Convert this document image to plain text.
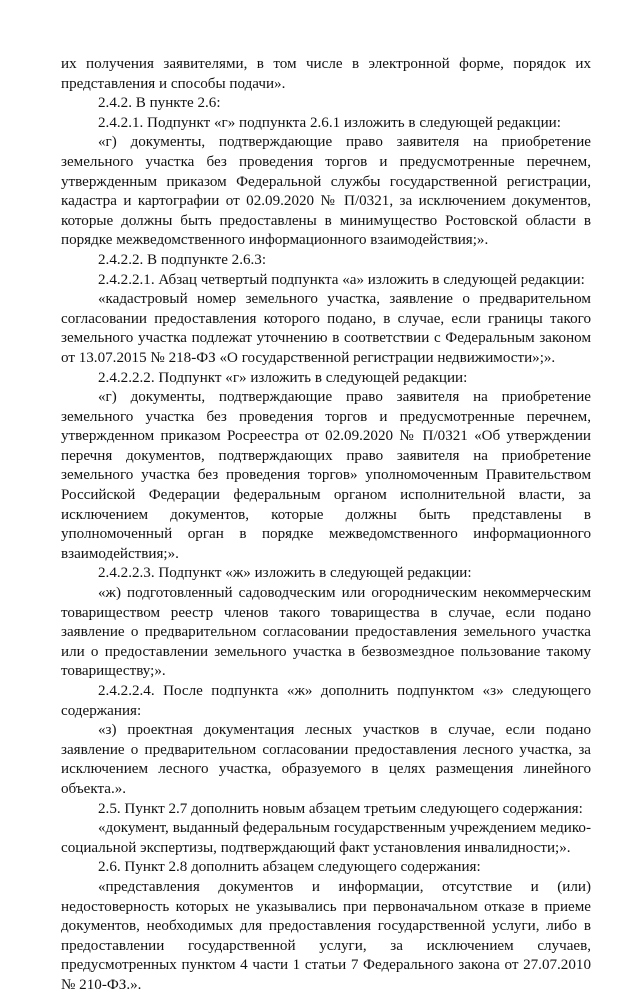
их получения заявителями, в том числе в электронной форме, порядок их представления и способы подачи».

2.4.2. В пункте 2.6:

2.4.2.1. Подпункт «г» подпункта 2.6.1 изложить в следующей редакции:

«г) документы, подтверждающие право заявителя на приобретение земельного участка без проведения торгов и предусмотренные перечнем, утвержденным приказом Федеральной службы государственной регистрации, кадастра и картографии от 02.09.2020 № П/0321, за исключением документов, которые должны быть предоставлены в минимущество Ростовской области в порядке межведомственного информационного взаимодействия;».

2.4.2.2. В подпункте 2.6.3:

2.4.2.2.1. Абзац четвертый подпункта «а» изложить в следующей редакции:

«кадастровый номер земельного участка, заявление о предварительном согласовании предоставления которого подано, в случае, если границы такого земельного участка подлежат уточнению в соответствии с Федеральным законом от 13.07.2015 № 218-ФЗ «О государственной регистрации недвижимости»;».

2.4.2.2.2. Подпункт «г» изложить в следующей редакции:

«г) документы, подтверждающие право заявителя на приобретение земельного участка без проведения торгов и предусмотренные перечнем, утвержденном приказом Росреестра от 02.09.2020 № П/0321 «Об утверждении перечня документов, подтверждающих право заявителя на приобретение земельного участка без проведения торгов» уполномоченным Правительством Российской Федерации федеральным органом исполнительной власти, за исключением документов, которые должны быть представлены в уполномоченный орган в порядке межведомственного информационного взаимодействия;».

2.4.2.2.3. Подпункт «ж» изложить в следующей редакции:

«ж) подготовленный садоводческим или огородническим некоммерческим товариществом реестр членов такого товарищества в случае, если подано заявление о предварительном согласовании предоставления земельного участка или о предоставлении земельного участка в безвозмездное пользование такому товариществу;».

2.4.2.2.4. После подпункта «ж» дополнить подпунктом «з» следующего содержания:

«з) проектная документация лесных участков в случае, если подано заявление о предварительном согласовании предоставления лесного участка, за исключением лесного участка, образуемого в целях размещения линейного объекта.».

2.5. Пункт 2.7 дополнить новым абзацем третьим следующего содержания:

«документ, выданный федеральным государственным учреждением медико-социальной экспертизы, подтверждающий факт установления инвалидности;».

2.6. Пункт 2.8 дополнить абзацем следующего содержания:

«представления документов и информации, отсутствие и (или) недостоверность которых не указывались при первоначальном отказе в приеме документов, необходимых для предоставления государственной услуги, либо в предоставлении государственной услуги, за исключением случаев, предусмотренных пунктом 4 части 1 статьи 7 Федерального закона от 27.07.2010 № 210-ФЗ.».
